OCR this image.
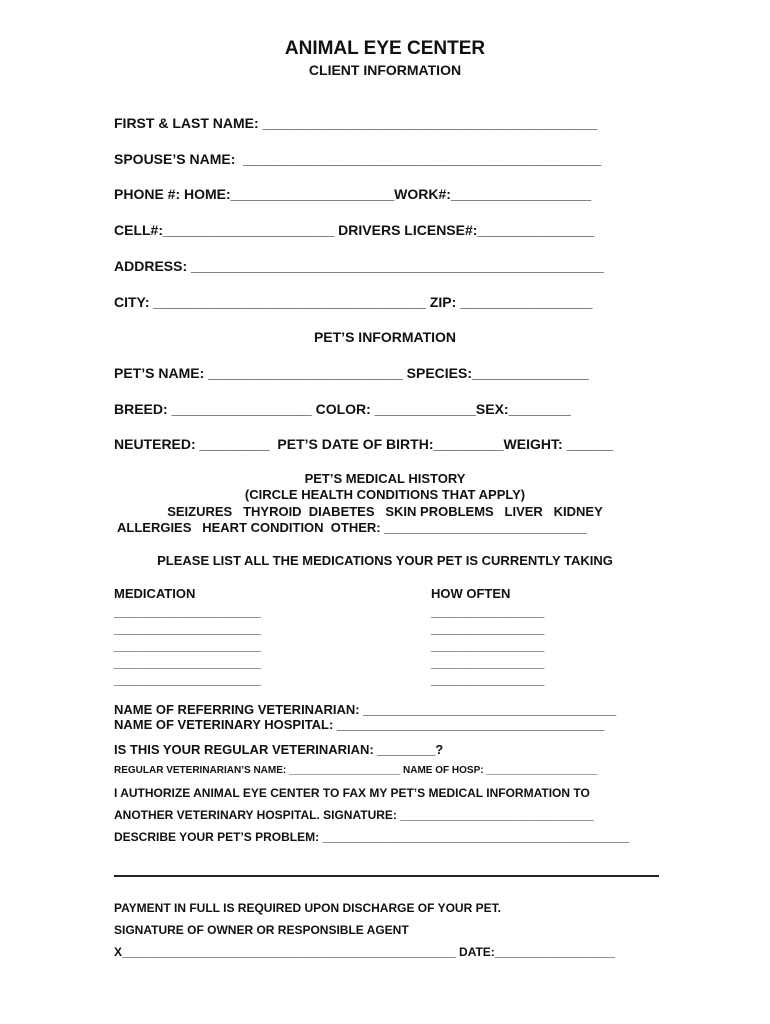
ANIMAL EYE CENTER
CLIENT INFORMATION
FIRST & LAST NAME: ___________________________________________
SPOUSE’S NAME:  ______________________________________________
PHONE #: HOME:_____________________WORK#:__________________
CELL#:______________________ DRIVERS LICENSE#:_______________
ADDRESS: _____________________________________________________
CITY: ___________________________________ ZIP: _________________
PET’S INFORMATION
PET’S NAME: _________________________ SPECIES:_______________
BREED: __________________ COLOR: _____________SEX:________
NEUTERED: _________  PET’S DATE OF BIRTH:_________WEIGHT: ______
PET’S MEDICAL HISTORY
(CIRCLE HEALTH CONDITIONS THAT APPLY)
SEIZURES   THYROID  DIABETES   SKIN PROBLEMS   LIVER   KIDNEY
ALLERGIES   HEART CONDITION  OTHER: ____________________________
PLEASE LIST ALL THE MEDICATIONS YOUR PET IS CURRENTLY TAKING
MEDICATION	HOW OFTEN
______________________
______________________
______________________
______________________
______________________
_________________
_________________
_________________
_________________
_________________
NAME OF REFERRING VETERINARIAN: ___________________________________
NAME OF VETERINARY HOSPITAL: _____________________________________
IS THIS YOUR REGULAR VETERINARIAN: ________?
REGULAR VETERINARIAN’S NAME: ____________________ NAME OF HOSP: ____________________
I AUTHORIZE ANIMAL EYE CENTER TO FAX MY PET’S MEDICAL INFORMATION TO
ANOTHER VETERINARY HOSPITAL. SIGNATURE: _____________________________
DESCRIBE YOUR PET’S PROBLEM: ______________________________________________
PAYMENT IN FULL IS REQUIRED UPON DISCHARGE OF YOUR PET.
SIGNATURE OF OWNER OR RESPONSIBLE AGENT
X__________________________________________________ DATE:__________________
